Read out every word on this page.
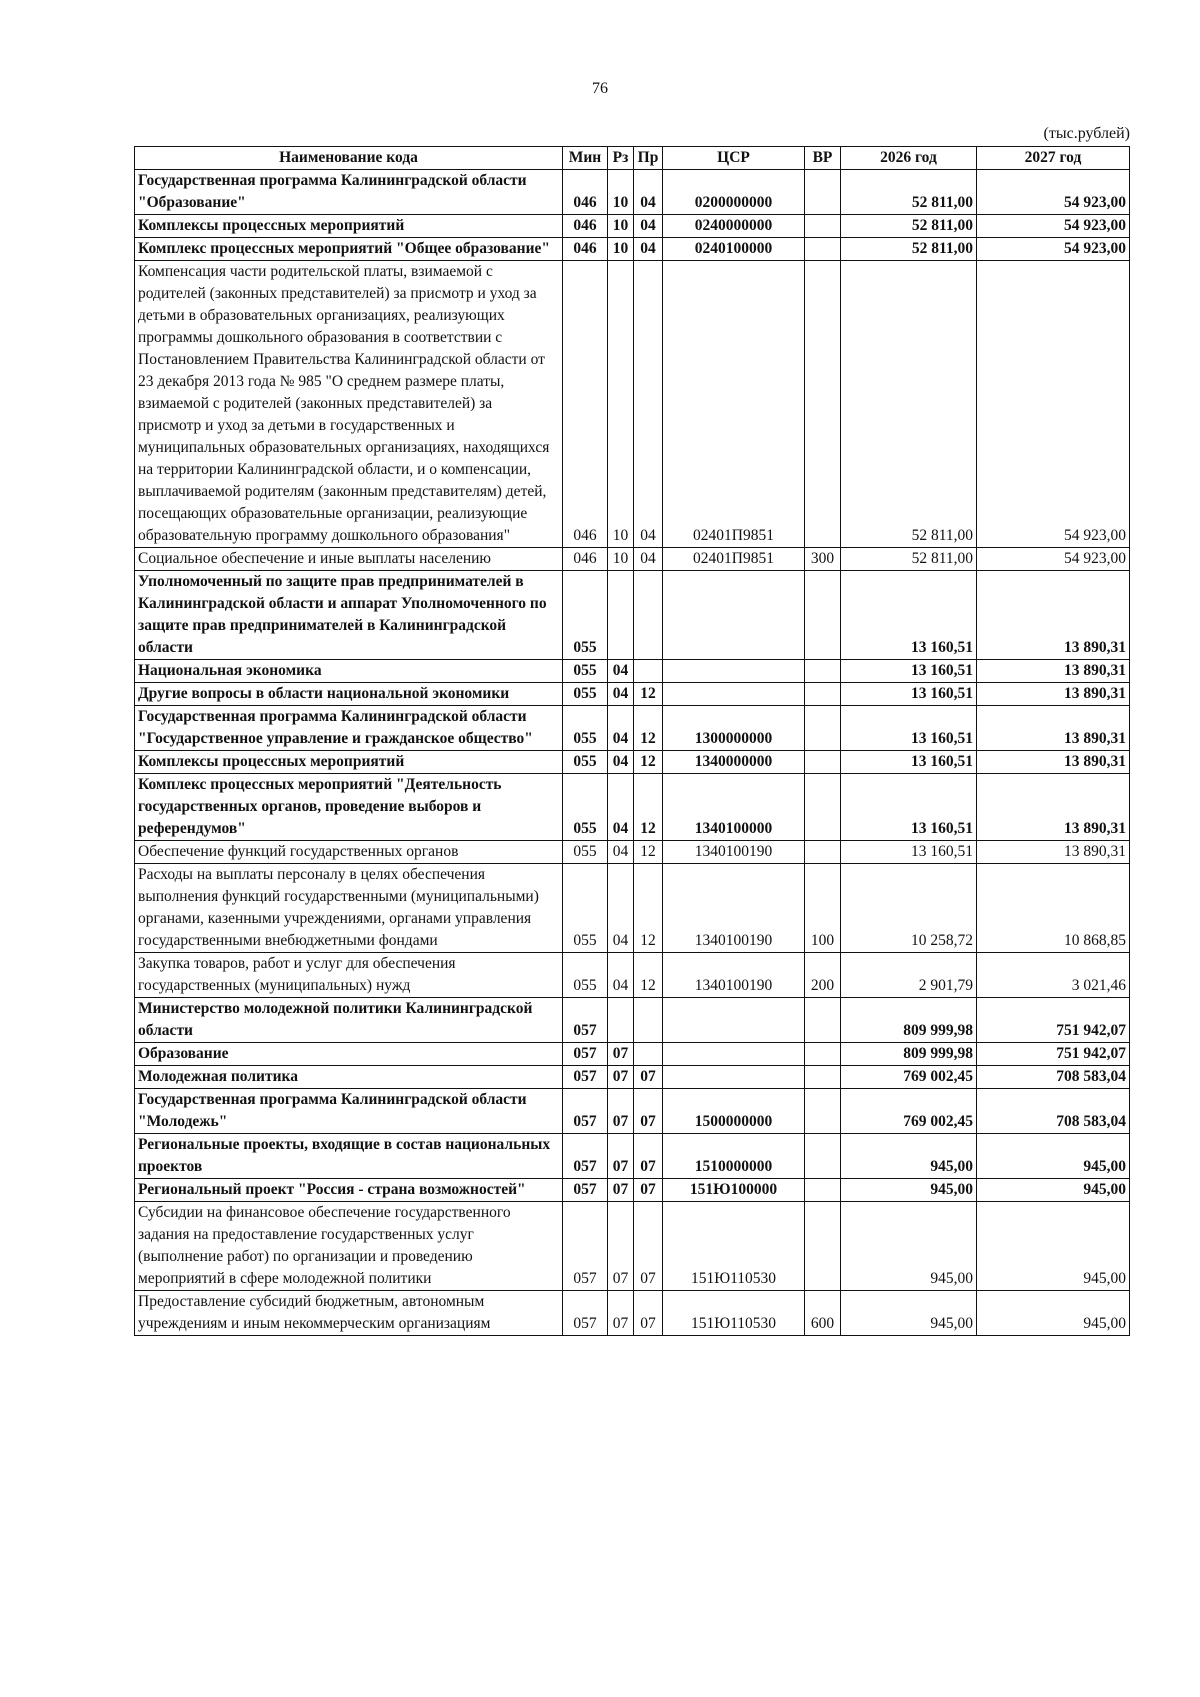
76
(тыс.рублей)
Наименование кода	Мин	Рз	Пр	ЦСР	ВР	2026 год	2027 год
Государственная программа Калининградской области "Образование"	046	10	04	0200000000		52 811,00	54 923,00
Комплексы процессных мероприятий	046	10	04	0240000000		52 811,00	54 923,00
Комплекс процессных мероприятий "Общее образование"	046	10	04	0240100000		52 811,00	54 923,00
Компенсация части родительской платы, взимаемой с родителей (законных представителей) за присмотр и уход за детьми в образовательных организациях, реализующих программы дошкольного образования в соответствии с Постановлением Правительства Калининградской области от 23 декабря 2013 года № 985 "О среднем размере платы, взимаемой с родителей (законных представителей) за присмотр и уход за детьми в государственных и муниципальных образовательных организациях, находящихся на территории Калининградской области, и о компенсации, выплачиваемой родителям (законным представителям) детей, посещающих образовательные организации, реализующие образовательную программу дошкольного образования"	046	10	04	02401П9851		52 811,00	54 923,00
Социальное обеспечение и иные выплаты населению	046	10	04	02401П9851	300	52 811,00	54 923,00
Уполномоченный по защите прав предпринимателей в Калининградской области и аппарат Уполномоченного по защите прав предпринимателей в Калининградской области	055					13 160,51	13 890,31
Национальная экономика	055	04				13 160,51	13 890,31
Другие вопросы в области национальной экономики	055	04	12			13 160,51	13 890,31
Государственная программа Калининградской области "Государственное управление и гражданское общество"	055	04	12	1300000000		13 160,51	13 890,31
Комплексы процессных мероприятий	055	04	12	1340000000		13 160,51	13 890,31
Комплекс процессных мероприятий "Деятельность государственных органов, проведение выборов и референдумов"	055	04	12	1340100000		13 160,51	13 890,31
Обеспечение функций государственных органов	055	04	12	1340100190		13 160,51	13 890,31
Расходы на выплаты персоналу в целях обеспечения выполнения функций государственными (муниципальными) органами, казенными учреждениями, органами управления государственными внебюджетными фондами	055	04	12	1340100190	100	10 258,72	10 868,85
Закупка товаров, работ и услуг для обеспечения государственных (муниципальных) нужд	055	04	12	1340100190	200	2 901,79	3 021,46
Министерство молодежной политики Калининградской области	057					809 999,98	751 942,07
Образование	057	07				809 999,98	751 942,07
Молодежная политика	057	07	07			769 002,45	708 583,04
Государственная программа Калининградской области "Молодежь"	057	07	07	1500000000		769 002,45	708 583,04
Региональные проекты, входящие в состав национальных проектов	057	07	07	1510000000		945,00	945,00
Региональный проект "Россия - страна возможностей"	057	07	07	151Ю100000		945,00	945,00
Субсидии на финансовое обеспечение государственного задания на предоставление государственных услуг (выполнение работ) по организации и проведению мероприятий в сфере молодежной политики	057	07	07	151Ю110530		945,00	945,00
Предоставление субсидий бюджетным, автономным учреждениям и иным некоммерческим организациям	057	07	07	151Ю110530	600	945,00	945,00
